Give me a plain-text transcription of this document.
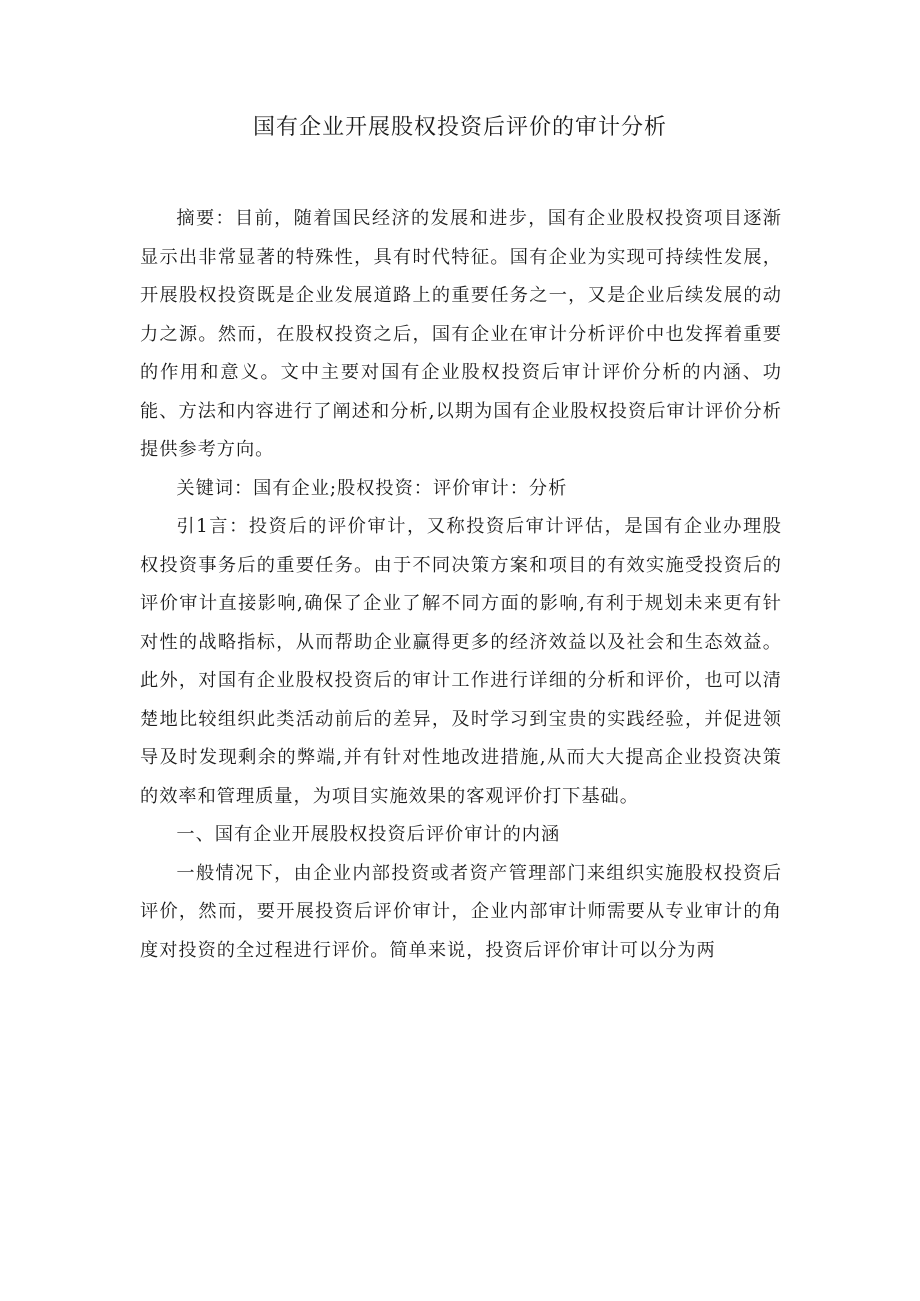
国有企业开展股权投资后评价的审计分析

摘要：目前，随着国民经济的发展和进步，国有企业股权投资项目逐渐显示出非常显著的特殊性，具有时代特征。国有企业为实现可持续性发展，开展股权投资既是企业发展道路上的重要任务之一，又是企业后续发展的动力之源。然而，在股权投资之后，国有企业在审计分析评价中也发挥着重要的作用和意义。文中主要对国有企业股权投资后审计评价分析的内涵、功能、方法和内容进行了阐述和分析,以期为国有企业股权投资后审计评价分析提供参考方向。

关键词：国有企业;股权投资：评价审计：分析

引1言：投资后的评价审计，又称投资后审计评估，是国有企业办理股权投资事务后的重要任务。由于不同决策方案和项目的有效实施受投资后的评价审计直接影响,确保了企业了解不同方面的影响,有利于规划未来更有针对性的战略指标，从而帮助企业赢得更多的经济效益以及社会和生态效益。此外，对国有企业股权投资后的审计工作进行详细的分析和评价，也可以清楚地比较组织此类活动前后的差异，及时学习到宝贵的实践经验，并促进领导及时发现剩余的弊端,并有针对性地改进措施,从而大大提高企业投资决策的效率和管理质量，为项目实施效果的客观评价打下基础。

一、国有企业开展股权投资后评价审计的内涵

一般情况下，由企业内部投资或者资产管理部门来组织实施股权投资后评价，然而，要开展投资后评价审计，企业内部审计师需要从专业审计的角度对投资的全过程进行评价。简单来说，投资后评价审计可以分为两
